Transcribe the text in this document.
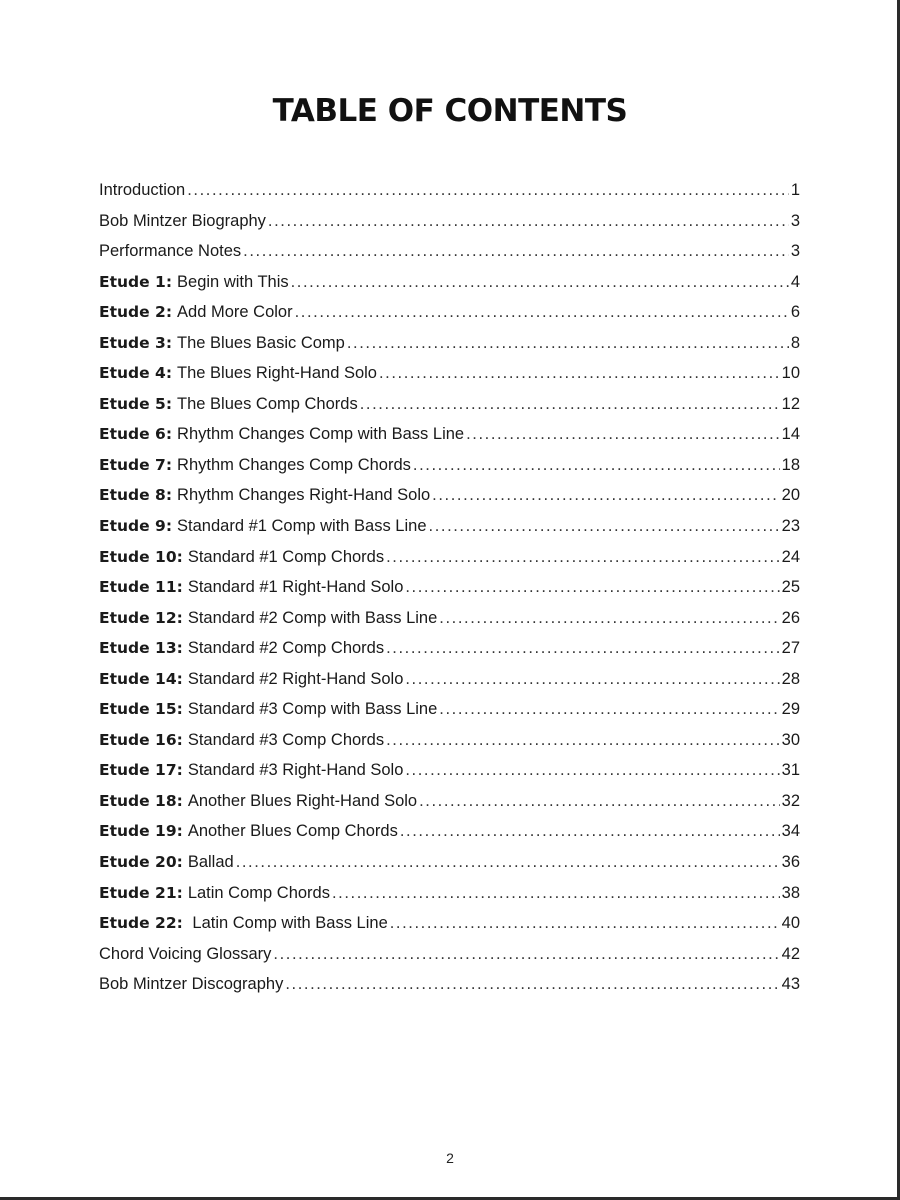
TABLE OF CONTENTS
Introduction .....	1
Bob Mintzer Biography .....	3
Performance Notes .....	3
Etude 1: Begin with This .....	4
Etude 2: Add More Color .....	6
Etude 3: The Blues Basic Comp .....	8
Etude 4: The Blues Right-Hand Solo .....	10
Etude 5: The Blues Comp Chords .....	12
Etude 6: Rhythm Changes Comp with Bass Line .....	14
Etude 7: Rhythm Changes Comp Chords .....	18
Etude 8: Rhythm Changes Right-Hand Solo .....	20
Etude 9: Standard #1 Comp with Bass Line .....	23
Etude 10: Standard #1 Comp Chords .....	24
Etude 11: Standard #1 Right-Hand Solo .....	25
Etude 12: Standard #2 Comp with Bass Line .....	26
Etude 13: Standard #2 Comp Chords .....	27
Etude 14: Standard #2 Right-Hand Solo .....	28
Etude 15: Standard #3 Comp with Bass Line .....	29
Etude 16: Standard #3 Comp Chords .....	30
Etude 17: Standard #3 Right-Hand Solo .....	31
Etude 18: Another Blues Right-Hand Solo .....	32
Etude 19: Another Blues Comp Chords .....	34
Etude 20: Ballad .....	36
Etude 21: Latin Comp Chords .....	38
Etude 22: Latin Comp with Bass Line .....	40
Chord Voicing Glossary .....	42
Bob Mintzer Discography .....	43
2
